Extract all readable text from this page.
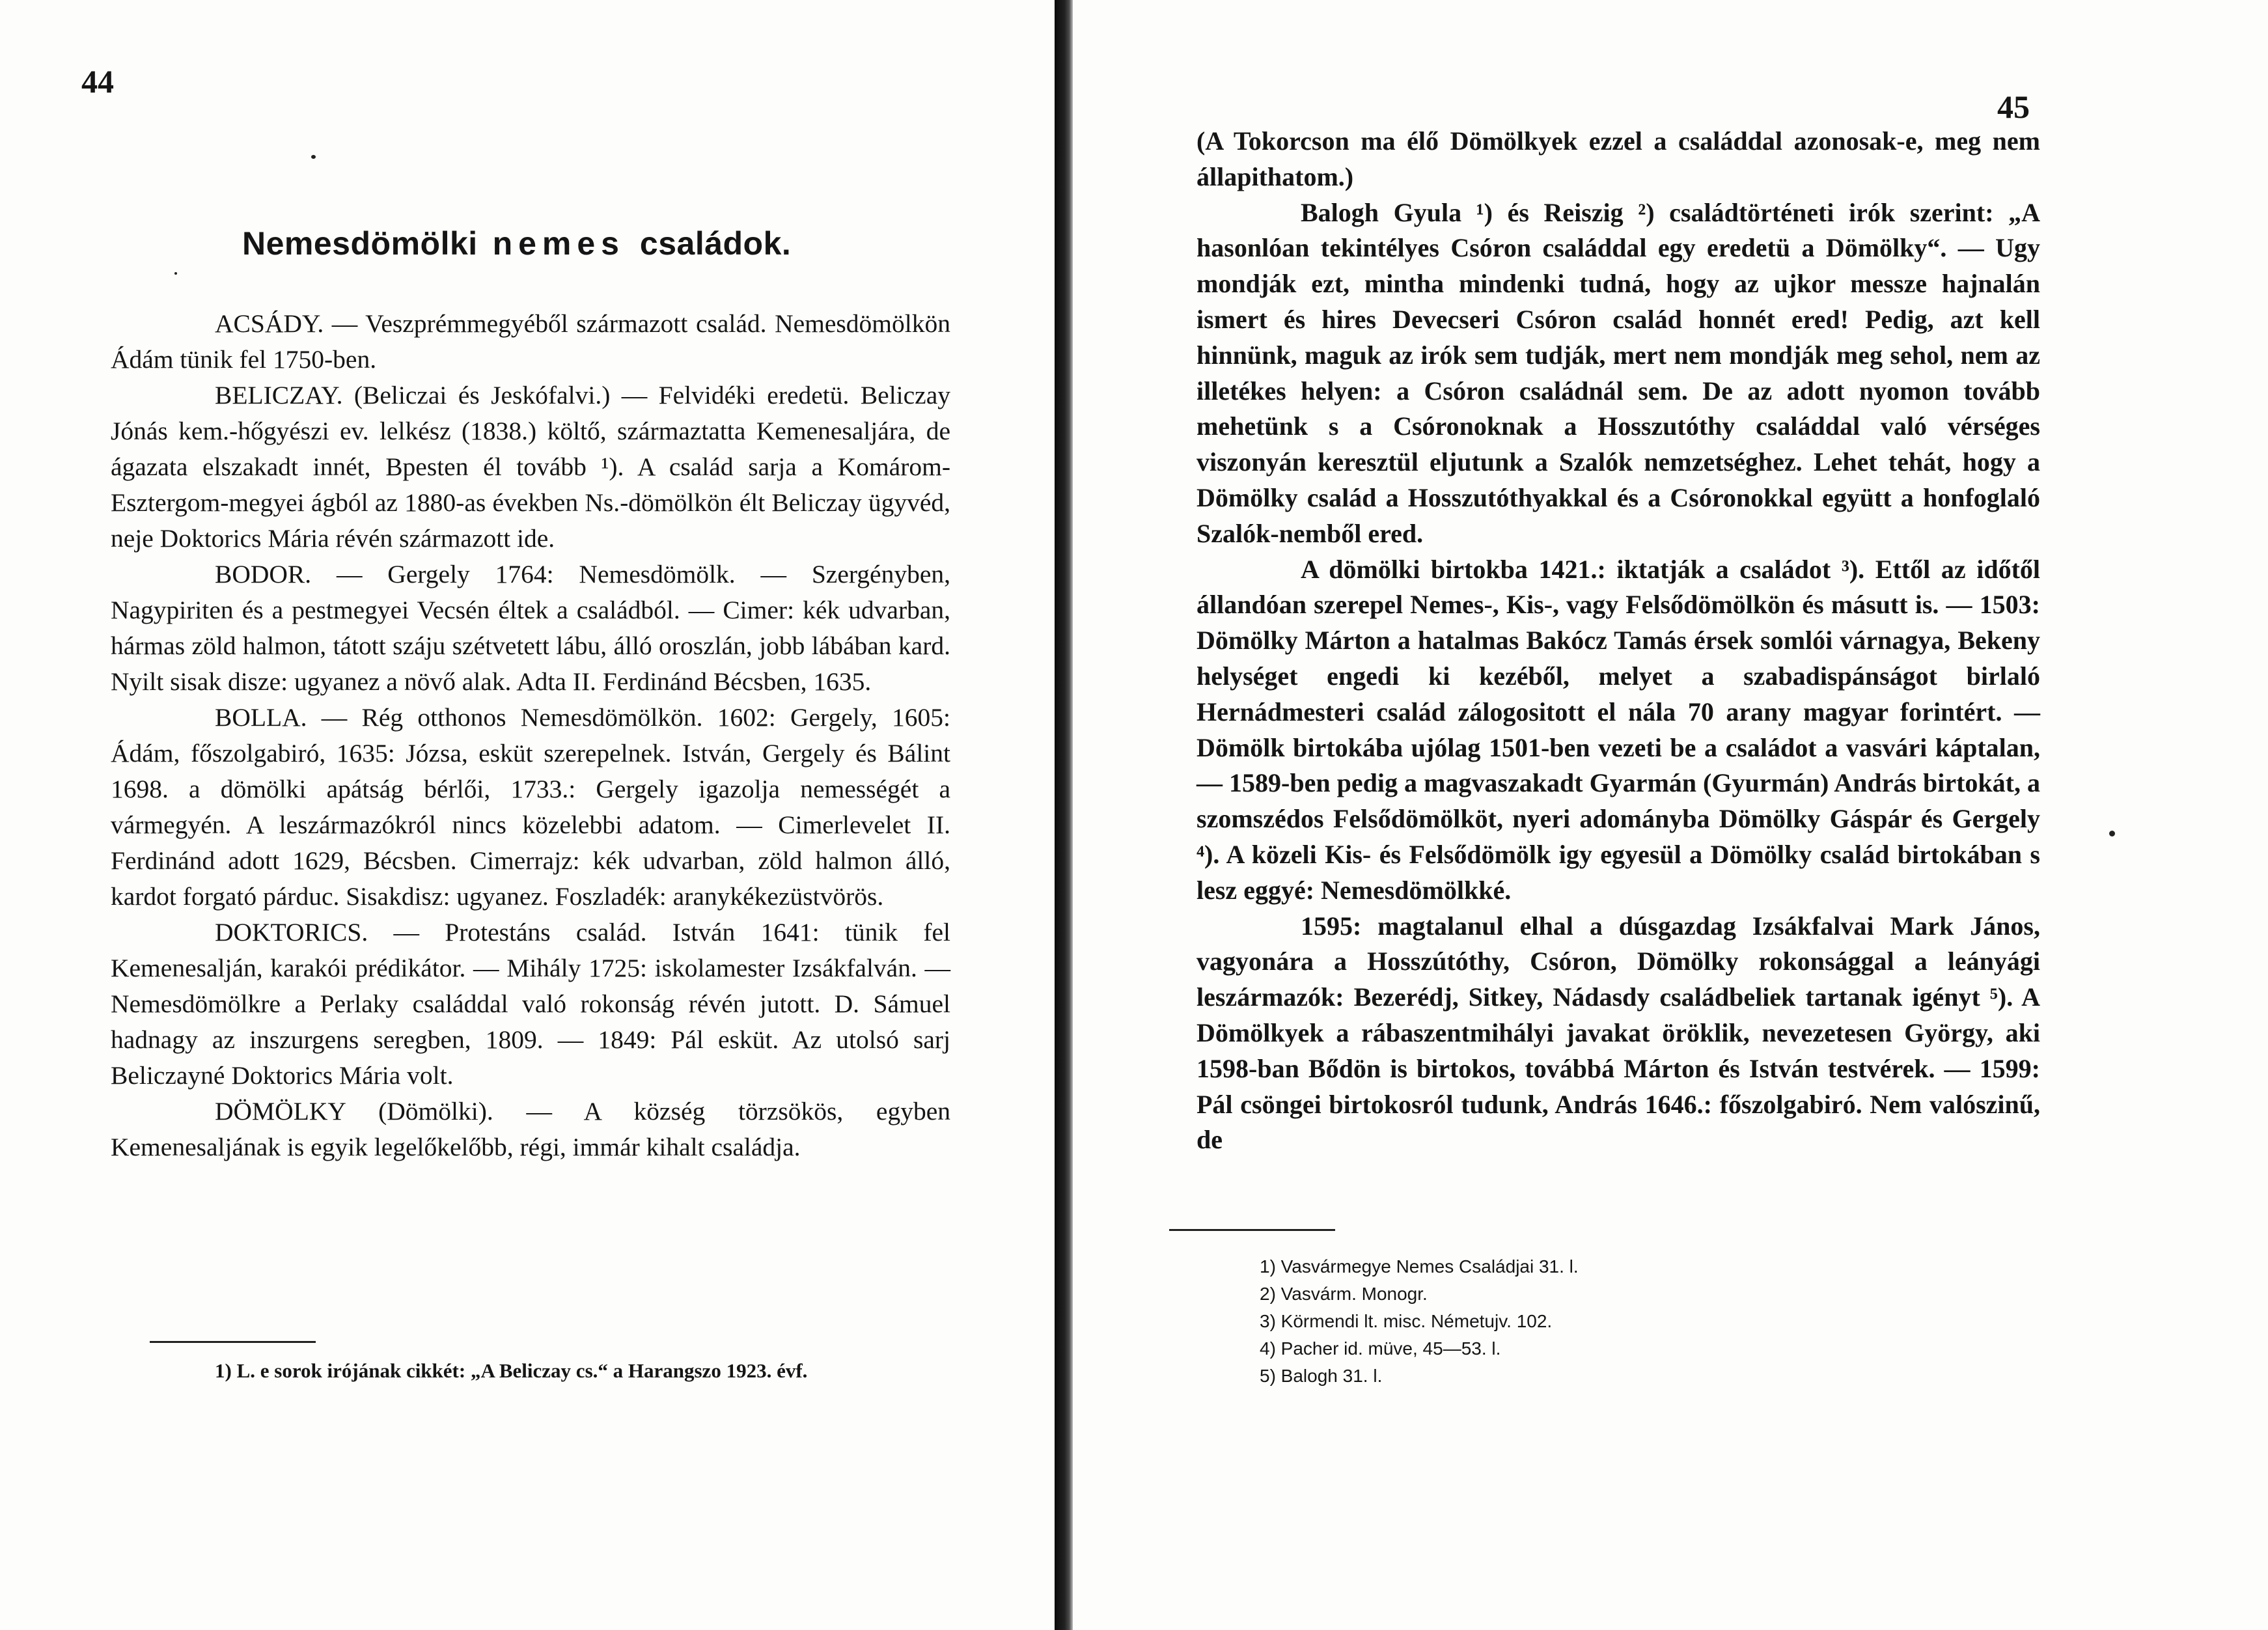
44
Nemesdömölki nemes családok.

ACSÁDY. — Veszprémmegyéből származott család. Nemesdömölkön Ádám tünik fel 1750-ben.

BELICZAY. (Beliczai és Jeskófalvi.) — Felvidéki eredetü. Beliczay Jónás kem.-hőgyészi ev. lelkész (1838.) költő, származtatta Kemenesaljára, de ágazata elszakadt innét, Bpesten él tovább ¹). A család sarja a Komárom-Esztergom-megyei ágból az 1880-as években Ns.-dömölkön élt Beliczay ügyvéd, neje Doktorics Mária révén származott ide.

BODOR. — Gergely 1764: Nemesdömölk. — Szergényben, Nagypiriten és a pestmegyei Vecsén éltek a családból. — Cimer: kék udvarban, hármas zöld halmon, tátott száju szétvetett lábu, álló oroszlán, jobb lábában kard. Nyilt sisak disze: ugyanez a növő alak. Adta II. Ferdinánd Bécsben, 1635.

BOLLA. — Rég otthonos Nemesdömölkön. 1602: Gergely, 1605: Ádám, főszolgabiró, 1635: Józsa, esküt szerepelnek. István, Gergely és Bálint 1698. a dömölki apátság bérlői, 1733.: Gergely igazolja nemességét a vármegyén. A leszármazókról nincs közelebbi adatom. — Cimerlevelet II. Ferdinánd adott 1629, Bécsben. Cimerrajz: kék udvarban, zöld halmon álló, kardot forgató párduc. Sisakdisz: ugyanez. Foszladék: aranykékezüstvörös.

DOKTORICS. — Protestáns család. István 1641: tünik fel Kemenesalján, karakói prédikátor. — Mihály 1725: iskolamester Izsákfalván. — Nemesdömölkre a Perlaky családdal való rokonság révén jutott. D. Sámuel hadnagy az inszurgens seregben, 1809. — 1849: Pál esküt. Az utolsó sarj Beliczayné Doktorics Mária volt.

DÖMÖLKY (Dömölki). — A község törzsökös, egyben Kemenesaljának is egyik legelőkelőbb, régi, immár kihalt családja.

1) L. e sorok irójának cikkét: „A Beliczay cs.“ a Harangszo 1923. évf.
45

(A Tokorcson ma élő Dömölkyek ezzel a családdal azonosak-e, meg nem állapithatom.)

Balogh Gyula ¹) és Reiszig ²) családtörténeti irók szerint: „A hasonlóan tekintélyes Csóron családdal egy eredetü a Dömölky“. — Ugy mondják ezt, mintha mindenki tudná, hogy az ujkor messze hajnalán ismert és hires Devecseri Csóron család honnét ered! Pedig, azt kell hinnünk, maguk az irók sem tudják, mert nem mondják meg sehol, nem az illetékes helyen: a Csóron családnál sem. De az adott nyomon tovább mehetünk s a Csóronoknak a Hosszutóthy családdal való vérséges viszonyán keresztül eljutunk a Szalók nemzetséghez. Lehet tehát, hogy a Dömölky család a Hosszutóthyakkal és a Csóronokkal együtt a honfoglaló Szalók-nemből ered.

A dömölki birtokba 1421.: iktatják a családot ³). Ettől az időtől állandóan szerepel Nemes-, Kis-, vagy Felsődömölkön és másutt is. — 1503: Dömölky Márton a hatalmas Bakócz Tamás érsek somlói várnagya, Bekeny helységet engedi ki kezéből, melyet a szabadispánságot birlaló Hernádmesteri család zálogositott el nála 70 arany magyar forintért. — Dömölk birtokába ujólag 1501-ben vezeti be a családot a vasvári káptalan, — 1589-ben pedig a magvaszakadt Gyarmán (Gyurmán) András birtokát, a szomszédos Felsődömölköt, nyeri adományba Dömölky Gáspár és Gergely ⁴). A közeli Kis- és Felsődömölk igy egyesül a Dömölky család birtokában s lesz eggyé: Nemesdömölkké.

1595: magtalanul elhal a dúsgazdag Izsákfalvai Mark János, vagyonára a Hosszútóthy, Csóron, Dömölky rokonsággal a leányági leszármazók: Bezerédj, Sitkey, Nádasdy családbeliek tartanak igényt ⁵). A Dömölkyek a rábaszentmihályi javakat öröklik, nevezetesen György, aki 1598-ban Bődön is birtokos, továbbá Márton és István testvérek. — 1599: Pál csöngei birtokosról tudunk, András 1646.: főszolgabiró. Nem valószinű, de

1) Vasvármegye Nemes Családjai 31. l.
2) Vasvárm. Monogr.
3) Körmendi lt. misc. Németujv. 102.
4) Pacher id. müve, 45—53. l.
5) Balogh 31. l.
